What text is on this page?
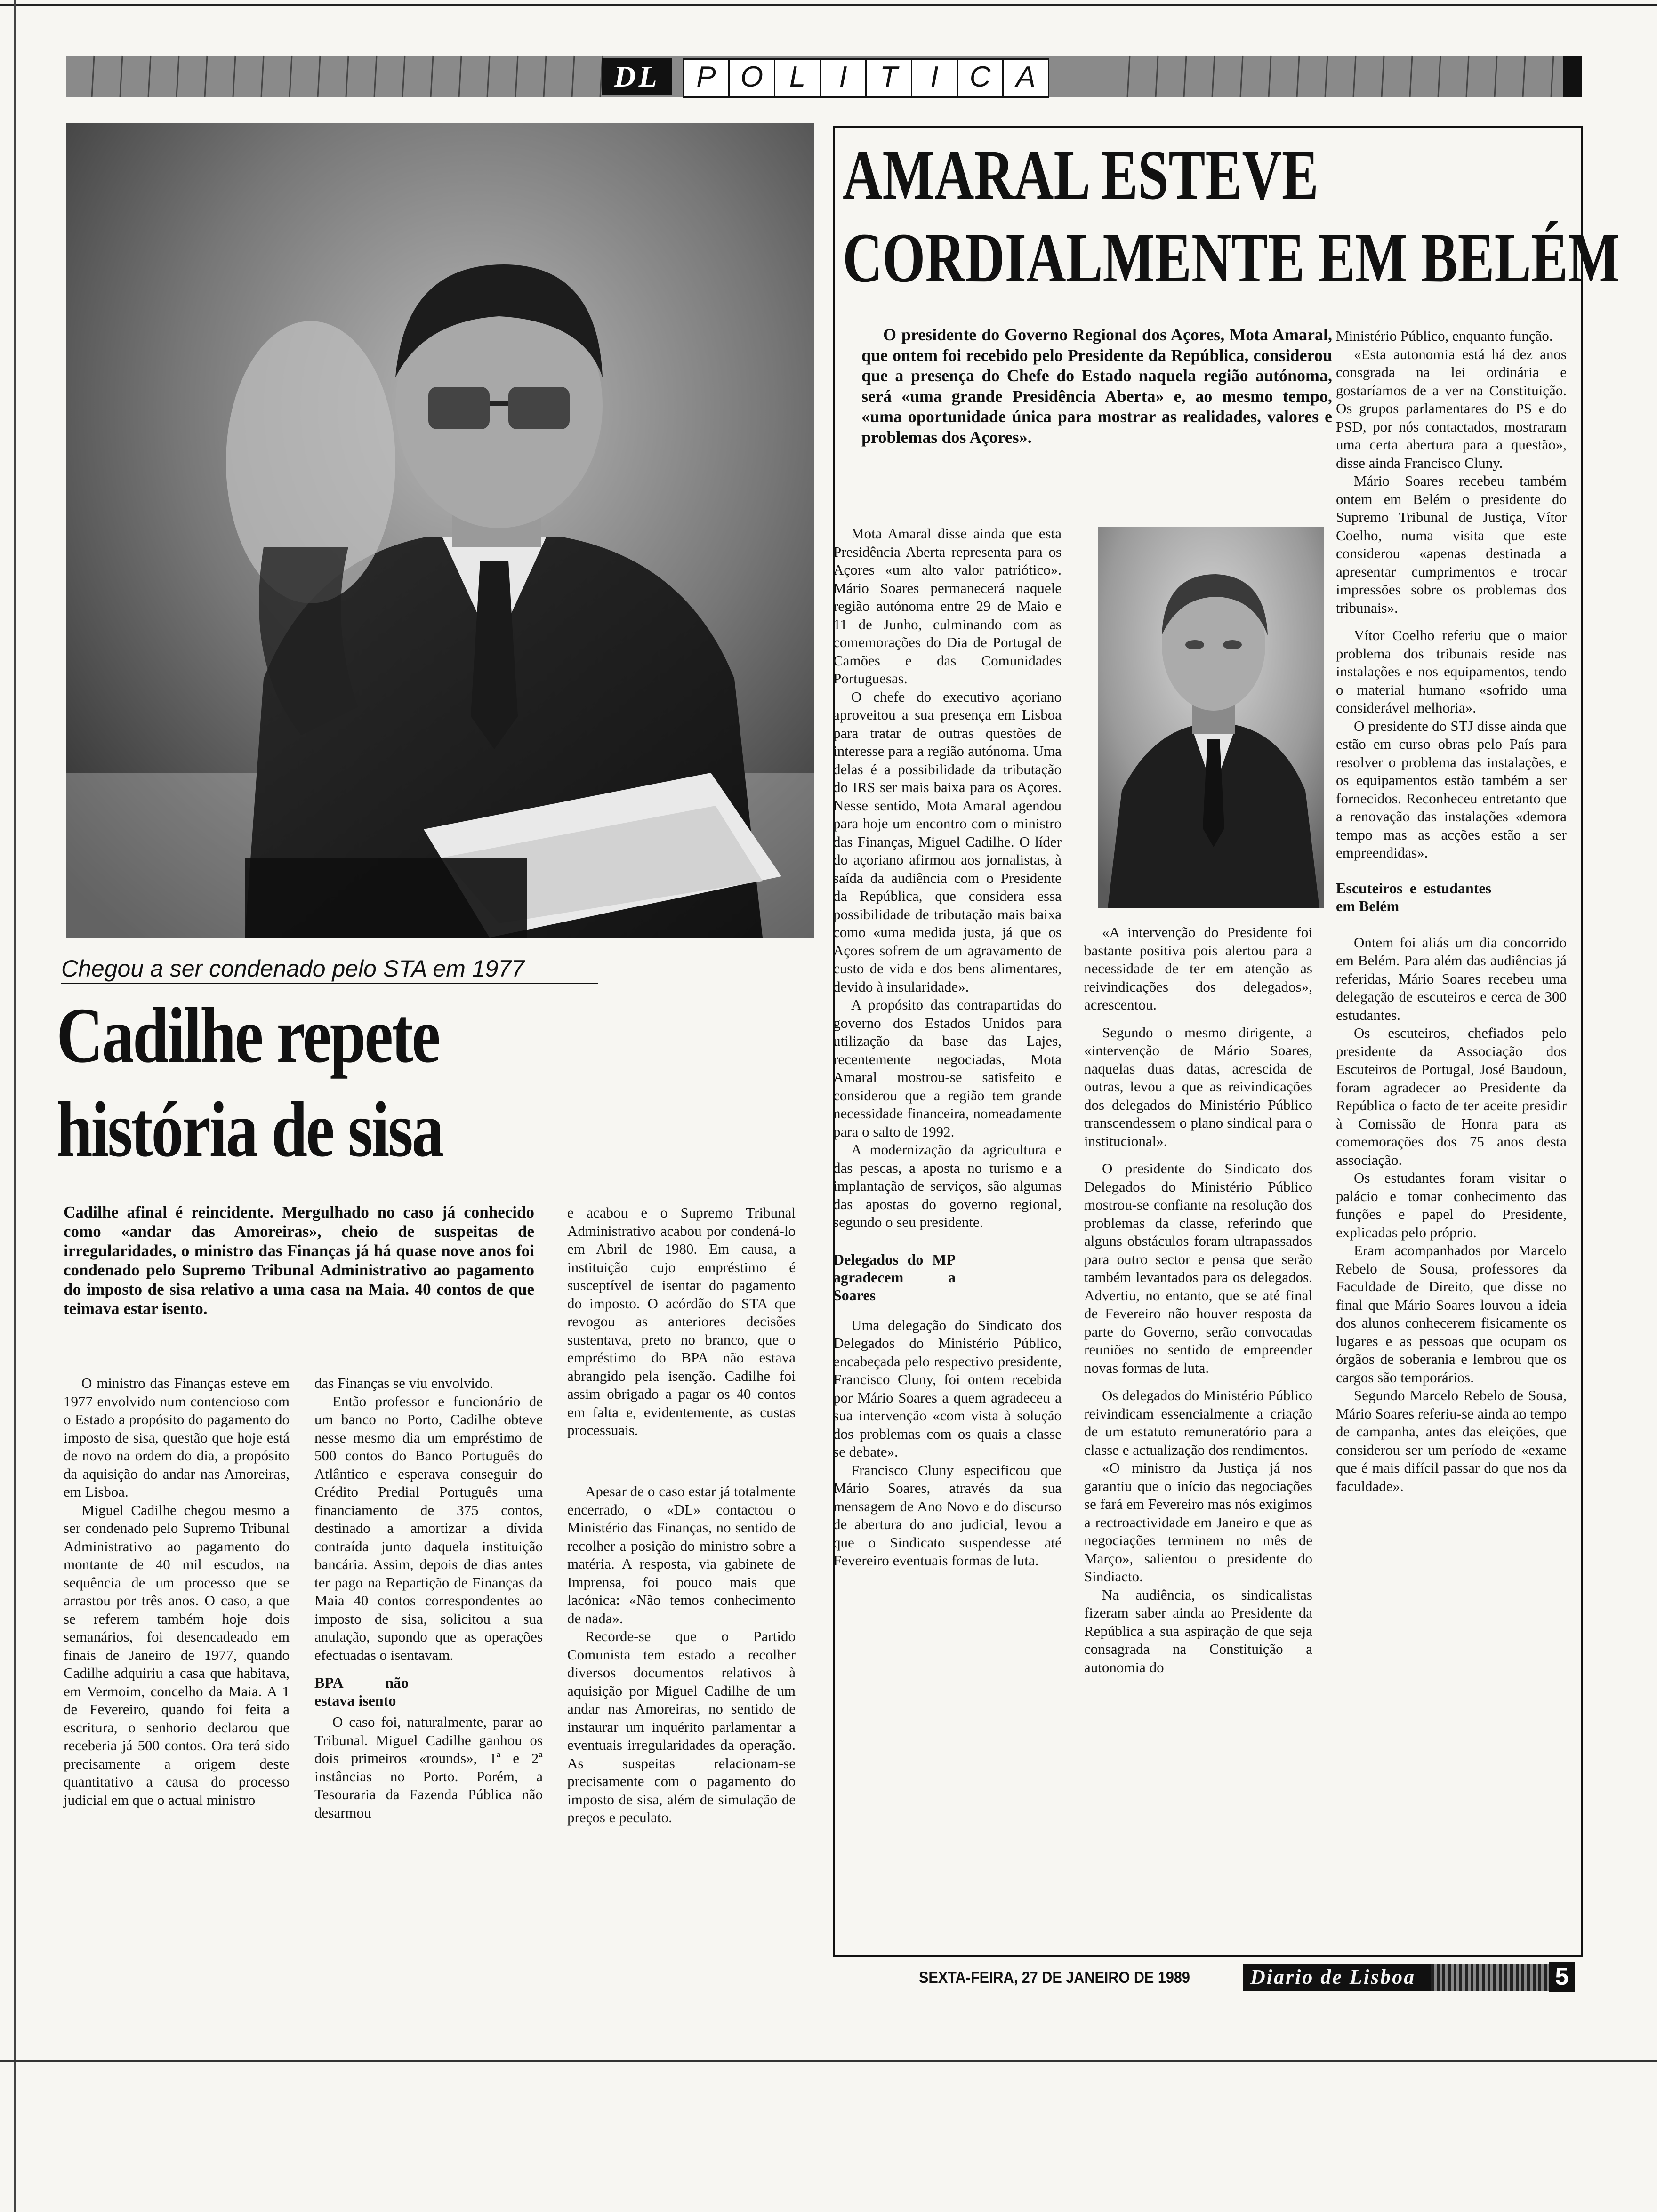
DL	P O L	I	T	I	C A
Chegou a ser condenado pelo STA em 1977
Cadilhe repete
história de sisa

Cadilhe afinal é reincidente. Mergulhado no caso já conhecido como «andar das Amoreiras», cheio de suspeitas de irregularidades, o ministro das Finanças já há quase nove anos foi condenado pelo Supremo Tribunal Administrativo ao pagamento do imposto de sisa relativo a uma casa na Maia. 40 contos de que teimava estar isento.

e acabou e o Supremo Tribunal Administrativo acabou por condená-lo em Abril de 1980. Em causa, a instituição cujo empréstimo é susceptível de isentar do pagamento do imposto. O acórdão do STA que revogou as anteriores decisões sustentava, preto no branco, que o empréstimo do BPA não estava abrangido pela isenção. Cadilhe foi assim obrigado a pagar os 40 contos em falta e, evidentemente, as custas processuais.

O ministro das Finanças esteve em 1977 envolvido num contencioso com o Estado a propósito do pagamento do imposto de sisa, questão que hoje está de novo na ordem do dia, a propósito da aquisição do andar nas Amoreiras, em Lisboa.

Miguel Cadilhe chegou mesmo a ser condenado pelo Supremo Tribunal Administrativo ao pagamento do montante de 40 mil escudos, na sequência de um processo que se arrastou por três anos. O caso, a que se referem também hoje dois semanários, foi desencadeado em finais de Janeiro de 1977, quando Cadilhe adquiriu a casa que habitava, em Vermoim, concelho da Maia. A 1 de Fevereiro, quando foi feita a escritura, o senhorio declarou que receberia já 500 contos. Ora terá sido precisamente a origem deste quantitativo a causa do processo judicial em que o actual ministro

das Finanças se viu envolvido.

Então professor e funcionário de um banco no Porto, Cadilhe obteve nesse mesmo dia um empréstimo de 500 contos do Banco Português do Atlântico e esperava conseguir do Crédito Predial Português uma financiamento de 375 contos, destinado a amortizar a dívida contraída junto daquela instituição bancária. Assim, depois de dias antes ter pago na Repartição de Finanças da Maia 40 contos correspondentes ao imposto de sisa, solicitou a sua anulação, supondo que as operações efectuadas o isentavam.

BPA não estava isento

O caso foi, naturalmente, parar ao Tribunal. Miguel Cadilhe ganhou os dois primeiros «rounds», 1ª e 2ª instâncias no Porto. Porém, a Tesouraria da Fazenda Pública não desarmou

Apesar de o caso estar já totalmente encerrado, o «DL» contactou o Ministério das Finanças, no sentido de recolher a posição do ministro sobre a matéria. A resposta, via gabinete de Imprensa, foi pouco mais que lacónica: «Não temos conhecimento de nada».

Recorde-se que o Partido Comunista tem estado a recolher diversos documentos relativos à aquisição por Miguel Cadilhe de um andar nas Amoreiras, no sentido de instaurar um inquérito parlamentar a eventuais irregularidades da operação. As suspeitas relacionam-se precisamente com o pagamento do imposto de sisa, além de simulação de preços e peculato.

AMARAL ESTEVE
CORDIALMENTE EM BELÉM

O presidente do Governo Regional dos Açores, Mota Amaral, que ontem foi recebido pelo Presidente da República, considerou que a presença do Chefe do Estado naquela região autónoma, será «uma grande Presidência Aberta» e, ao mesmo tempo, «uma oportunidade única para mostrar as realidades, valores e problemas dos Açores».

Mota Amaral disse ainda que esta Presidência Aberta representa para os Açores «um alto valor patriótico». Mário Soares permanecerá naquele região autónoma entre 29 de Maio e 11 de Junho, culminando com as comemorações do Dia de Portugal de Camões e das Comunidades Portuguesas.

O chefe do executivo açoriano aproveitou a sua presença em Lisboa para tratar de outras questões de interesse para a região autónoma. Uma delas é a possibilidade da tributação do IRS ser mais baixa para os Açores. Nesse sentido, Mota Amaral agendou para hoje um encontro com o ministro das Finanças, Miguel Cadilhe. O líder do açoriano afirmou aos jornalistas, à saída da audiência com o Presidente da República, que considera essa possibilidade de tributação mais baixa como «uma medida justa, já que os Açores sofrem de um agravamento de custo de vida e dos bens alimentares, devido à insularidade».

A propósito das contrapartidas do governo dos Estados Unidos para utilização da base das Lajes, recentemente negociadas, Mota Amaral mostrou-se satisfeito e considerou que a região tem grande necessidade financeira, nomeadamente para o salto de 1992.

A modernização da agricultura e das pescas, a aposta no turismo e a implantação de serviços, são algumas das apostas do governo regional, segundo o seu presidente.

Delegados do MP agradecem a Soares

Uma delegação do Sindicato dos Delegados do Ministério Público, encabeçada pelo respectivo presidente, Francisco Cluny, foi ontem recebida por Mário Soares a quem agradeceu a sua intervenção «com vista à solução dos problemas com os quais a classe se debate».

Francisco Cluny especificou que Mário Soares, através da sua mensagem de Ano Novo e do discurso de abertura do ano judicial, levou a que o Sindicato suspendesse até Fevereiro eventuais formas de luta.

«A intervenção do Presidente foi bastante positiva pois alertou para a necessidade de ter em atenção as reivindicações dos delegados», acrescentou.

Segundo o mesmo dirigente, a «intervenção de Mário Soares, naquelas duas datas, acrescida de outras, levou a que as reivindicações dos delegados do Ministério Público transcendessem o plano sindical para o institucional».

O presidente do Sindicato dos Delegados do Ministério Público mostrou-se confiante na resolução dos problemas da classe, referindo que alguns obstáculos foram ultrapassados para outro sector e pensa que serão também levantados para os delegados. Advertiu, no entanto, que se até final de Fevereiro não houver resposta da parte do Governo, serão convocadas reuniões no sentido de empreender novas formas de luta.

Os delegados do Ministério Público reivindicam essencialmente a criação de um estatuto remuneratório para a classe e actualização dos rendimentos.

«O ministro da Justiça já nos garantiu que o início das negociações se fará em Fevereiro mas nós exigimos a rectroactividade em Janeiro e que as negociações terminem no mês de Março», salientou o presidente do Sindiacto.

Na audiência, os sindicalistas fizeram saber ainda ao Presidente da República a sua aspiração de que seja consagrada na Constituição a autonomia do

Ministério Público, enquanto função.

«Esta autonomia está há dez anos consgrada na lei ordinária e gostaríamos de a ver na Constituição. Os grupos parlamentares do PS e do PSD, por nós contactados, mostraram uma certa abertura para a questão», disse ainda Francisco Cluny.

Mário Soares recebeu também ontem em Belém o presidente do Supremo Tribunal de Justiça, Vítor Coelho, numa visita que este considerou «apenas destinada a apresentar cumprimentos e trocar impressões sobre os problemas dos tribunais».

Vítor Coelho referiu que o maior problema dos tribunais reside nas instalações e nos equipamentos, tendo o material humano «sofrido uma considerável melhoria».

O presidente do STJ disse ainda que estão em curso obras pelo País para resolver o problema das instalações, e os equipamentos estão também a ser fornecidos. Reconheceu entretanto que a renovação das instalações «demora tempo mas as acções estão a ser empreendidas».

Escuteiros e estudantes em Belém

Ontem foi aliás um dia concorrido em Belém. Para além das audiências já referidas, Mário Soares recebeu uma delegação de escuteiros e cerca de 300 estudantes.

Os escuteiros, chefiados pelo presidente da Associação dos Escuteiros de Portugal, José Baudoun, foram agradecer ao Presidente da República o facto de ter aceite presidir à Comissão de Honra para as comemorações dos 75 anos desta associação.

Os estudantes foram visitar o palácio e tomar conhecimento das funções e papel do Presidente, explicadas pelo próprio.

Eram acompanhados por Marcelo Rebelo de Sousa, professores da Faculdade de Direito, que disse no final que Mário Soares louvou a ideia dos alunos conhecerem fisicamente os lugares e as pessoas que ocupam os órgãos de soberania e lembrou que os cargos são temporários.

Segundo Marcelo Rebelo de Sousa, Mário Soares referiu-se ainda ao tempo de campanha, antes das eleições, que considerou ser um período de «exame que é mais difícil passar do que nos da faculdade».

SEXTA-FEIRA, 27 DE JANEIRO DE 1989	Diario de Lisboa	5
